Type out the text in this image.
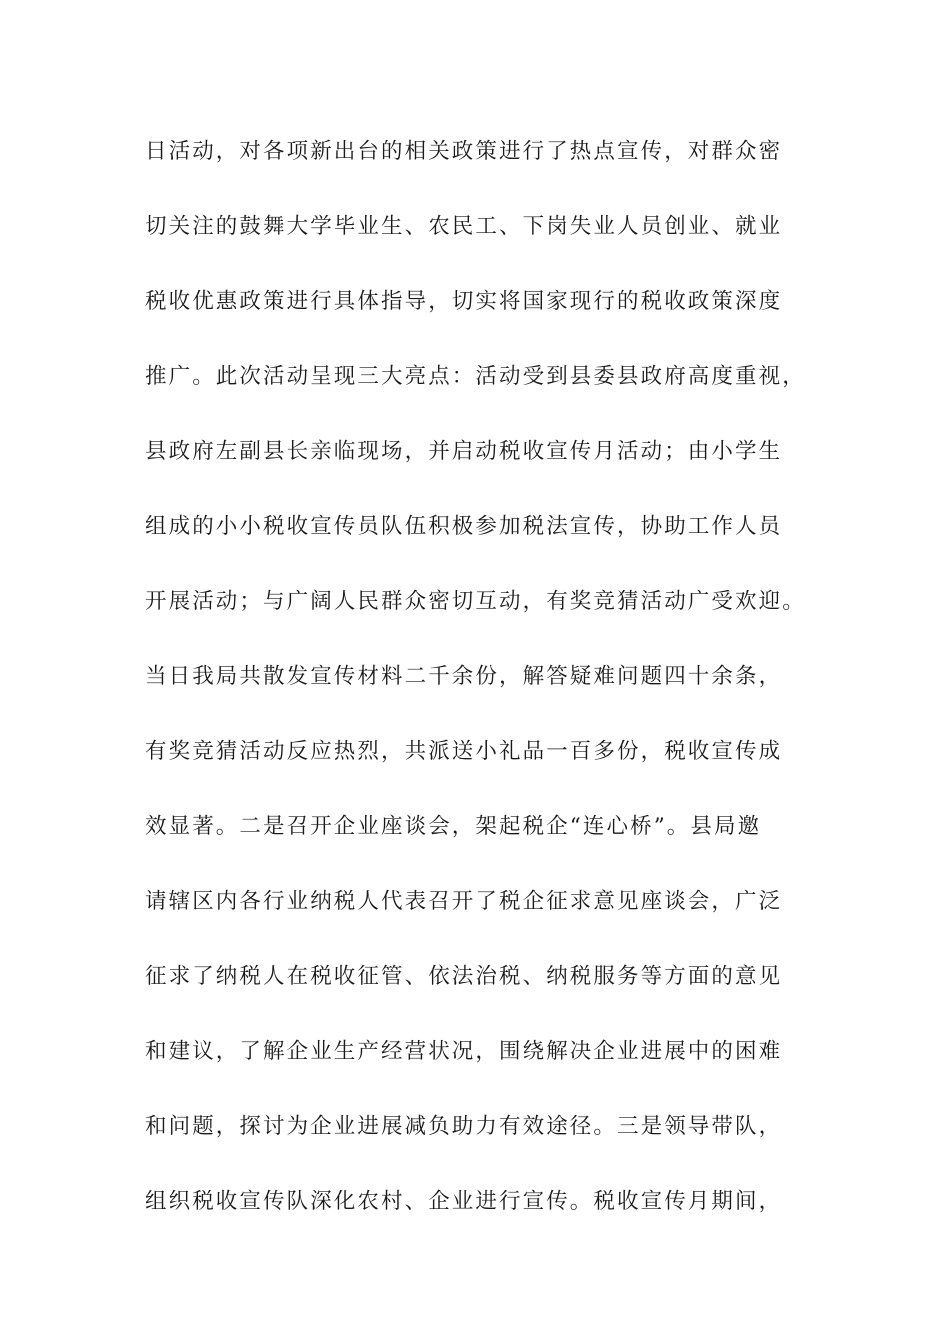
日活动，对各项新出台的相关政策进行了热点宣传，对群众密
切关注的鼓舞大学毕业生、农民工、下岗失业人员创业、就业
税收优惠政策进行具体指导，切实将国家现行的税收政策深度
推广。此次活动呈现三大亮点：活动受到县委县政府高度重视，
县政府左副县长亲临现场，并启动税收宣传月活动；由小学生
组成的小小税收宣传员队伍积极参加税法宣传，协助工作人员
开展活动；与广阔人民群众密切互动，有奖竞猜活动广受欢迎。
当日我局共散发宣传材料二千余份，解答疑难问题四十余条，
有奖竞猜活动反应热烈，共派送小礼品一百多份，税收宣传成
效显著。二是召开企业座谈会，架起税企“连心桥”。县局邀
请辖区内各行业纳税人代表召开了税企征求意见座谈会，广泛
征求了纳税人在税收征管、依法治税、纳税服务等方面的意见
和建议，了解企业生产经营状况，围绕解决企业进展中的困难
和问题，探讨为企业进展减负助力有效途径。三是领导带队，
组织税收宣传队深化农村、企业进行宣传。税收宣传月期间，
